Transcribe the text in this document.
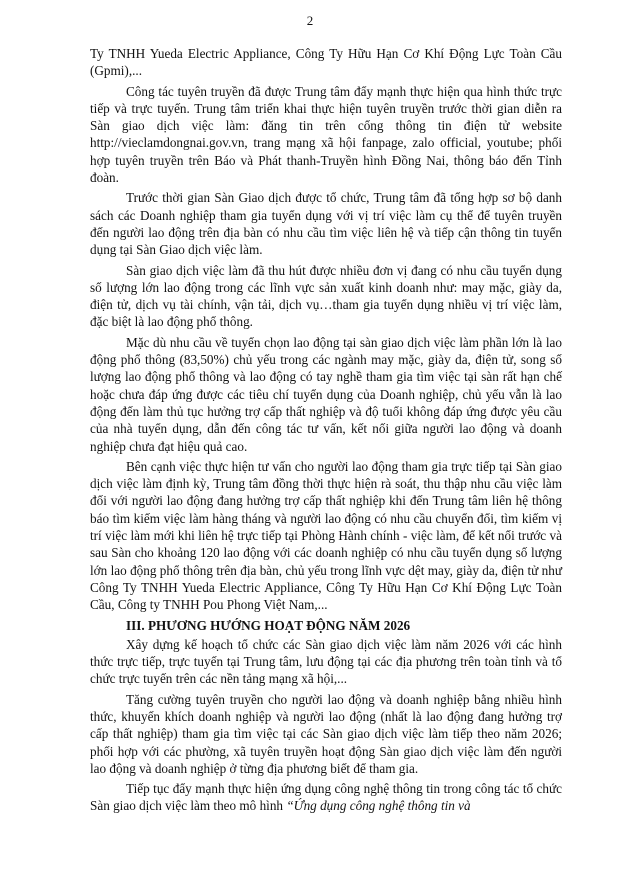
2

Ty TNHH Yueda Electric Appliance, Công Ty Hữu Hạn Cơ Khí Động Lực Toàn Cầu (Gpmi),...

Công tác tuyên truyền đã được Trung tâm đẩy mạnh thực hiện qua hình thức trực tiếp và trực tuyến. Trung tâm triển khai thực hiện tuyên truyền trước thời gian diễn ra Sàn giao dịch việc làm: đăng tin trên cổng thông tin điện tử website http://vieclamdongnai.gov.vn, trang mạng xã hội fanpage, zalo official, youtube; phối hợp tuyên truyền trên Báo và Phát thanh-Truyền hình Đồng Nai, thông báo đến Tỉnh đoàn.

Trước thời gian Sàn Giao dịch được tổ chức, Trung tâm đã tổng hợp sơ bộ danh sách các Doanh nghiệp tham gia tuyển dụng với vị trí việc làm cụ thể để tuyên truyền đến người lao động trên địa bàn có nhu cầu tìm việc liên hệ và tiếp cận thông tin tuyển dụng tại Sàn Giao dịch việc làm.

Sàn giao dịch việc làm đã thu hút được nhiều đơn vị đang có nhu cầu tuyển dụng số lượng lớn lao động trong các lĩnh vực sản xuất kinh doanh như: may mặc, giày da, điện tử, dịch vụ tài chính, vận tải, dịch vụ…tham gia tuyển dụng nhiều vị trí việc làm, đặc biệt là lao động phổ thông.

Mặc dù nhu cầu về tuyển chọn lao động tại sàn giao dịch việc làm phần lớn là lao động phổ thông (83,50%) chủ yếu trong các ngành may mặc, giày da, điện tử, song số lượng lao động phổ thông và lao động có tay nghề tham gia tìm việc tại sàn rất hạn chế hoặc chưa đáp ứng được các tiêu chí tuyển dụng của Doanh nghiệp, chủ yếu vẫn là lao động đến làm thủ tục hưởng trợ cấp thất nghiệp và độ tuổi không đáp ứng được yêu cầu của nhà tuyển dụng, dẫn đến công tác tư vấn, kết nối giữa người lao động và doanh nghiệp chưa đạt hiệu quả cao.

Bên cạnh việc thực hiện tư vấn cho người lao động tham gia trực tiếp tại Sàn giao dịch việc làm định kỳ, Trung tâm đồng thời thực hiện rà soát, thu thập nhu cầu việc làm đối với người lao động đang hưởng trợ cấp thất nghiệp khi đến Trung tâm liên hệ thông báo tìm kiếm việc làm hàng tháng và người lao động có nhu cầu chuyển đổi, tìm kiếm vị trí việc làm mới khi liên hệ trực tiếp tại Phòng Hành chính - việc làm, để kết nối trước và sau Sàn cho khoảng 120 lao động với các doanh nghiệp có nhu cầu tuyển dụng số lượng lớn lao động phổ thông trên địa bàn, chủ yếu trong lĩnh vực dệt may, giày da, điện tử như Công Ty TNHH Yueda Electric Appliance, Công Ty Hữu Hạn Cơ Khí Động Lực Toàn Cầu, Công ty TNHH Pou Phong Việt Nam,...

III. PHƯƠNG HƯỚNG HOẠT ĐỘNG NĂM 2026

Xây dựng kế hoạch tổ chức các Sàn giao dịch việc làm năm 2026 với các hình thức trực tiếp, trực tuyến tại Trung tâm, lưu động tại các địa phương trên toàn tỉnh và tổ chức trực tuyến trên các nền tảng mạng xã hội,...

Tăng cường tuyên truyền cho người lao động và doanh nghiệp bằng nhiều hình thức, khuyến khích doanh nghiệp và người lao động (nhất là lao động đang hưởng trợ cấp thất nghiệp) tham gia tìm việc tại các Sàn giao dịch việc làm tiếp theo năm 2026; phối hợp với các phường, xã tuyên truyền hoạt động Sàn giao dịch việc làm đến người lao động và doanh nghiệp ở từng địa phương biết để tham gia.

Tiếp tục đẩy mạnh thực hiện ứng dụng công nghệ thông tin trong công tác tổ chức Sàn giao dịch việc làm theo mô hình “Ứng dụng công nghệ thông tin và
